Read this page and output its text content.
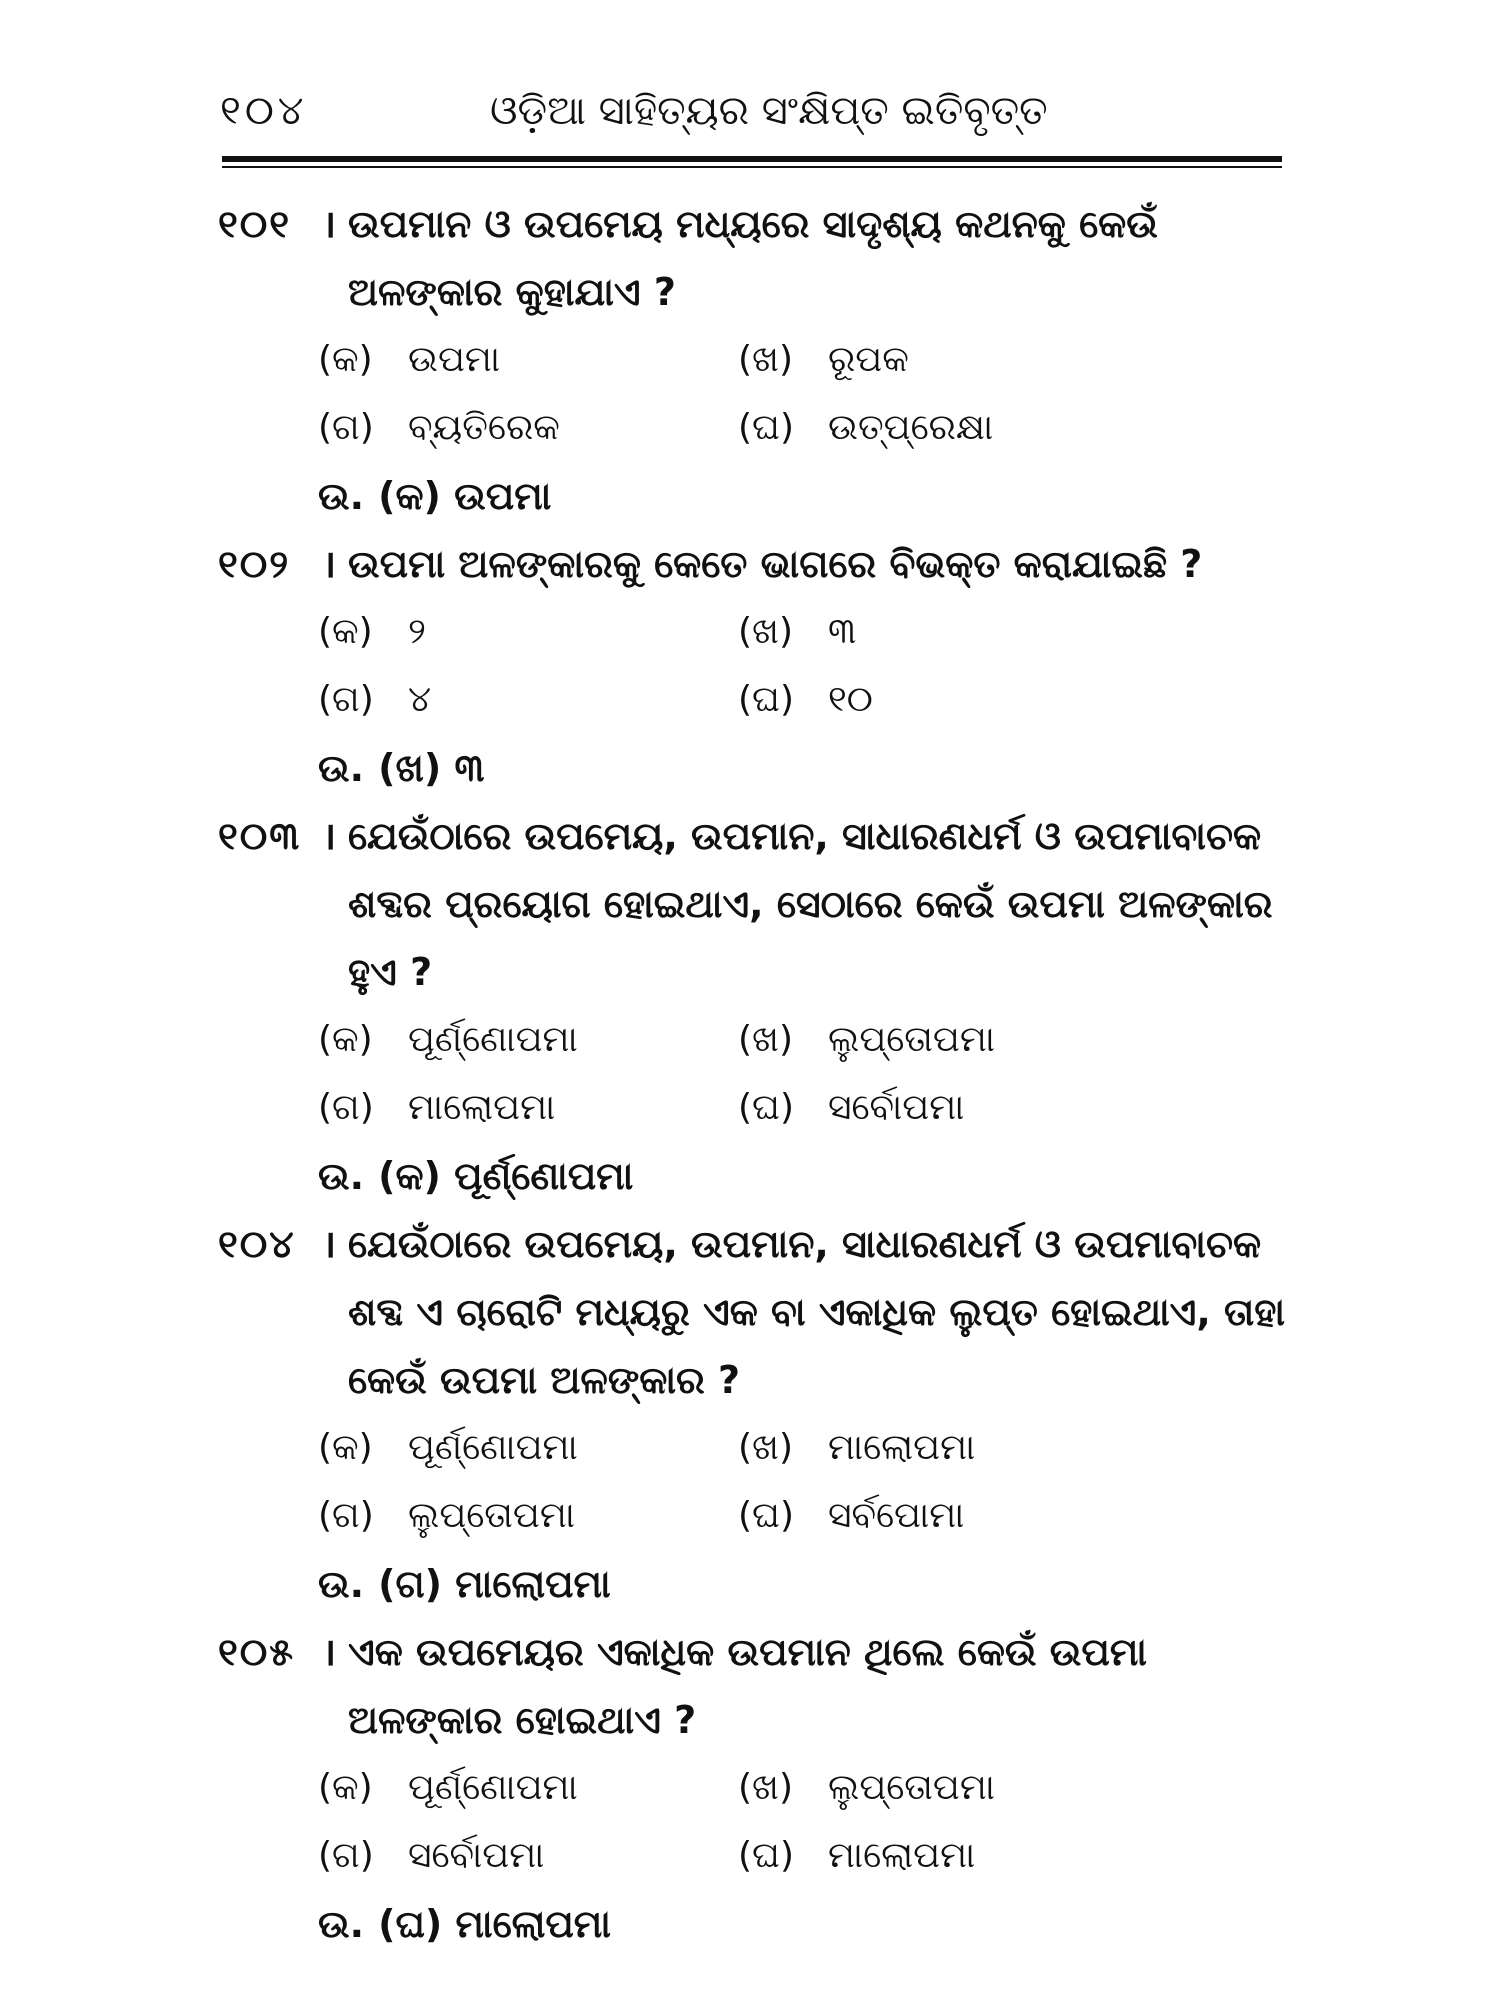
୧୦୪	ଓଡ଼ିଆ ସାହିତ୍ୟର ସଂକ୍ଷିପ୍ତ ଇତିବୃତ୍ତ
୧୦୧ । ଉପମାନ ଓ ଉପମେୟ ମଧ୍ୟରେ ସାଦୃଶ୍ୟ କଥନକୁ କେଉଁ ଅଳଙ୍କାର କୁହାଯାଏ ?
(କ) ଉପମା	(ଖ) ରୂପକ
(ଗ) ବ୍ୟତିରେକ	(ଘ) ଉତ୍‌ପ୍ରେକ୍ଷା
ଉ. (କ) ଉପମା
୧୦୨ । ଉପମା ଅଳଙ୍କାରକୁ କେତେ ଭାଗରେ ବିଭକ୍ତ କରାଯାଇଛି ?
(କ) ୨	(ଖ) ୩
(ଗ) ୪	(ଘ) ୧୦
ଉ. (ଖ) ୩
୧୦୩ । ଯେଉଁଠାରେ ଉପମେୟ, ଉପମାନ, ସାଧାରଣଧର୍ମ ଓ ଉପମାବାଚକ ଶବ୍ଦର ପ୍ରୟୋଗ ହୋଇଥାଏ, ସେଠାରେ କେଉଁ ଉପମା ଅଳଙ୍କାର ହୁଏ ?
(କ) ପୂର୍ଣ୍ଣୋପମା	(ଖ) ଲୁପ୍ତୋପମା
(ଗ) ମାଲୋପମା	(ଘ) ସର୍ବୋପମା
ଉ. (କ) ପୂର୍ଣ୍ଣୋପମା
୧୦୪ । ଯେଉଁଠାରେ ଉପମେୟ, ଉପମାନ, ସାଧାରଣଧର୍ମ ଓ ଉପମାବାଚକ ଶବ୍ଦ ଏ ଚାରୋଟି ମଧ୍ୟରୁ ଏକ ବା ଏକାଧିକ ଲୁପ୍ତ ହୋଇଥାଏ, ତାହା କେଉଁ ଉପମା ଅଳଙ୍କାର ?
(କ) ପୂର୍ଣ୍ଣୋପମା	(ଖ) ମାଲୋପମା
(ଗ) ଲୁପ୍ତୋପମା	(ଘ) ସର୍ବପୋମା
ଉ. (ଗ) ମାଲୋପମା
୧୦୫ । ଏକ ଉପମେୟର ଏକାଧିକ ଉପମାନ ଥିଲେ କେଉଁ ଉପମା ଅଳଙ୍କାର ହୋଇଥାଏ ?
(କ) ପୂର୍ଣ୍ଣୋପମା	(ଖ) ଲୁପ୍ତୋପମା
(ଗ) ସର୍ବୋପମା	(ଘ) ମାଲୋପମା
ଉ. (ଘ) ମାଲୋପମା
